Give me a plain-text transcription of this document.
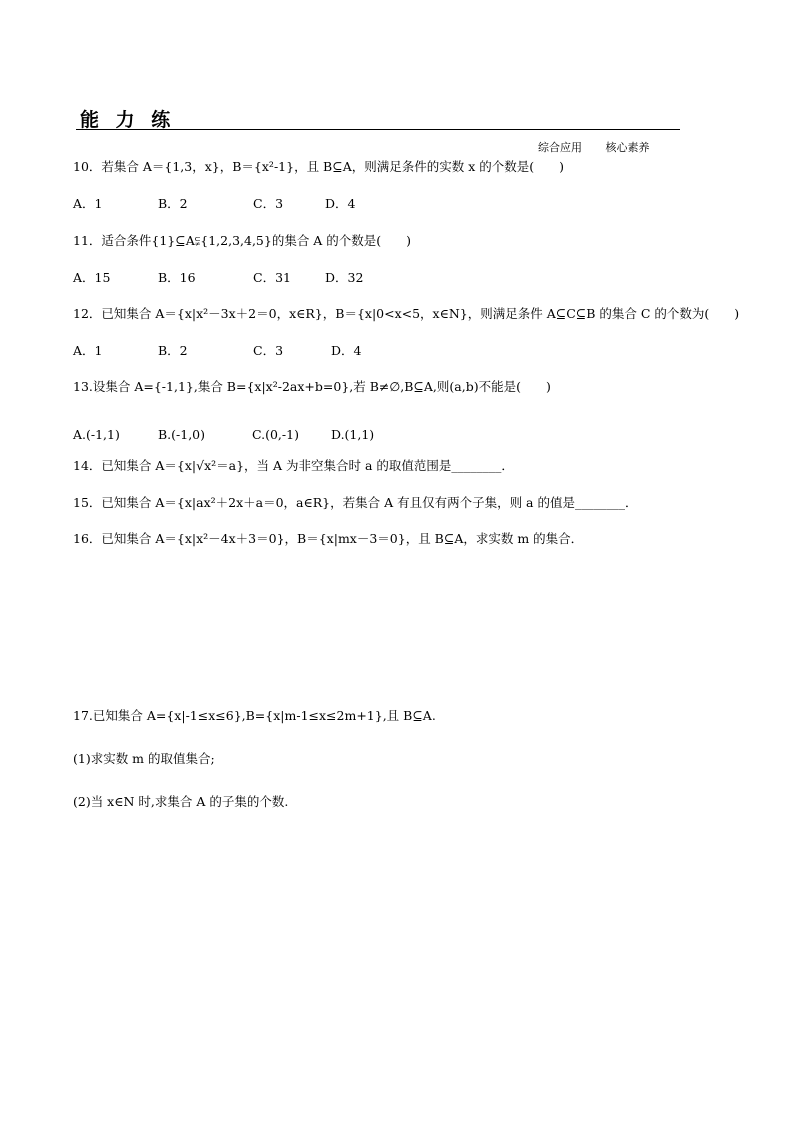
能 力 练
综合应用 核心素养
10．若集合 A＝{1,3，x}，B＝{x²-1}，且 B⊆A，则满足条件的实数 x 的个数是(　　)
A．1	B．2	C．3	D．4
11．适合条件{1}⊆A⫋{1,2,3,4,5}的集合 A 的个数是(　　)
A．15	B．16	C．31	D．32
12．已知集合 A＝{x|x²－3x＋2＝0，x∈R}，B＝{x|0<x<5，x∈N}，则满足条件 A⊆C⊆B 的集合 C 的个数为(　　)
A．1	B．2	C．3	D．4
13.设集合 A={-1,1},集合 B={x|x²-2ax+b=0},若 B≠∅,B⊆A,则(a,b)不能是(　　)
A.(-1,1)	B.(-1,0)	C.(0,-1)	D.(1,1)
14．已知集合 A＝{x|√x²＝a}，当 A 为非空集合时 a 的取值范围是________．
15．已知集合 A＝{x|ax²＋2x＋a＝0，a∈R}，若集合 A 有且仅有两个子集，则 a 的值是________．
16．已知集合 A＝{x|x²－4x＋3＝0}，B＝{x|mx－3＝0}，且 B⊆A，求实数 m 的集合．
17.已知集合 A={x|-1≤x≤6},B={x|m-1≤x≤2m+1},且 B⊆A.
(1)求实数 m 的取值集合;
(2)当 x∈N 时,求集合 A 的子集的个数.
